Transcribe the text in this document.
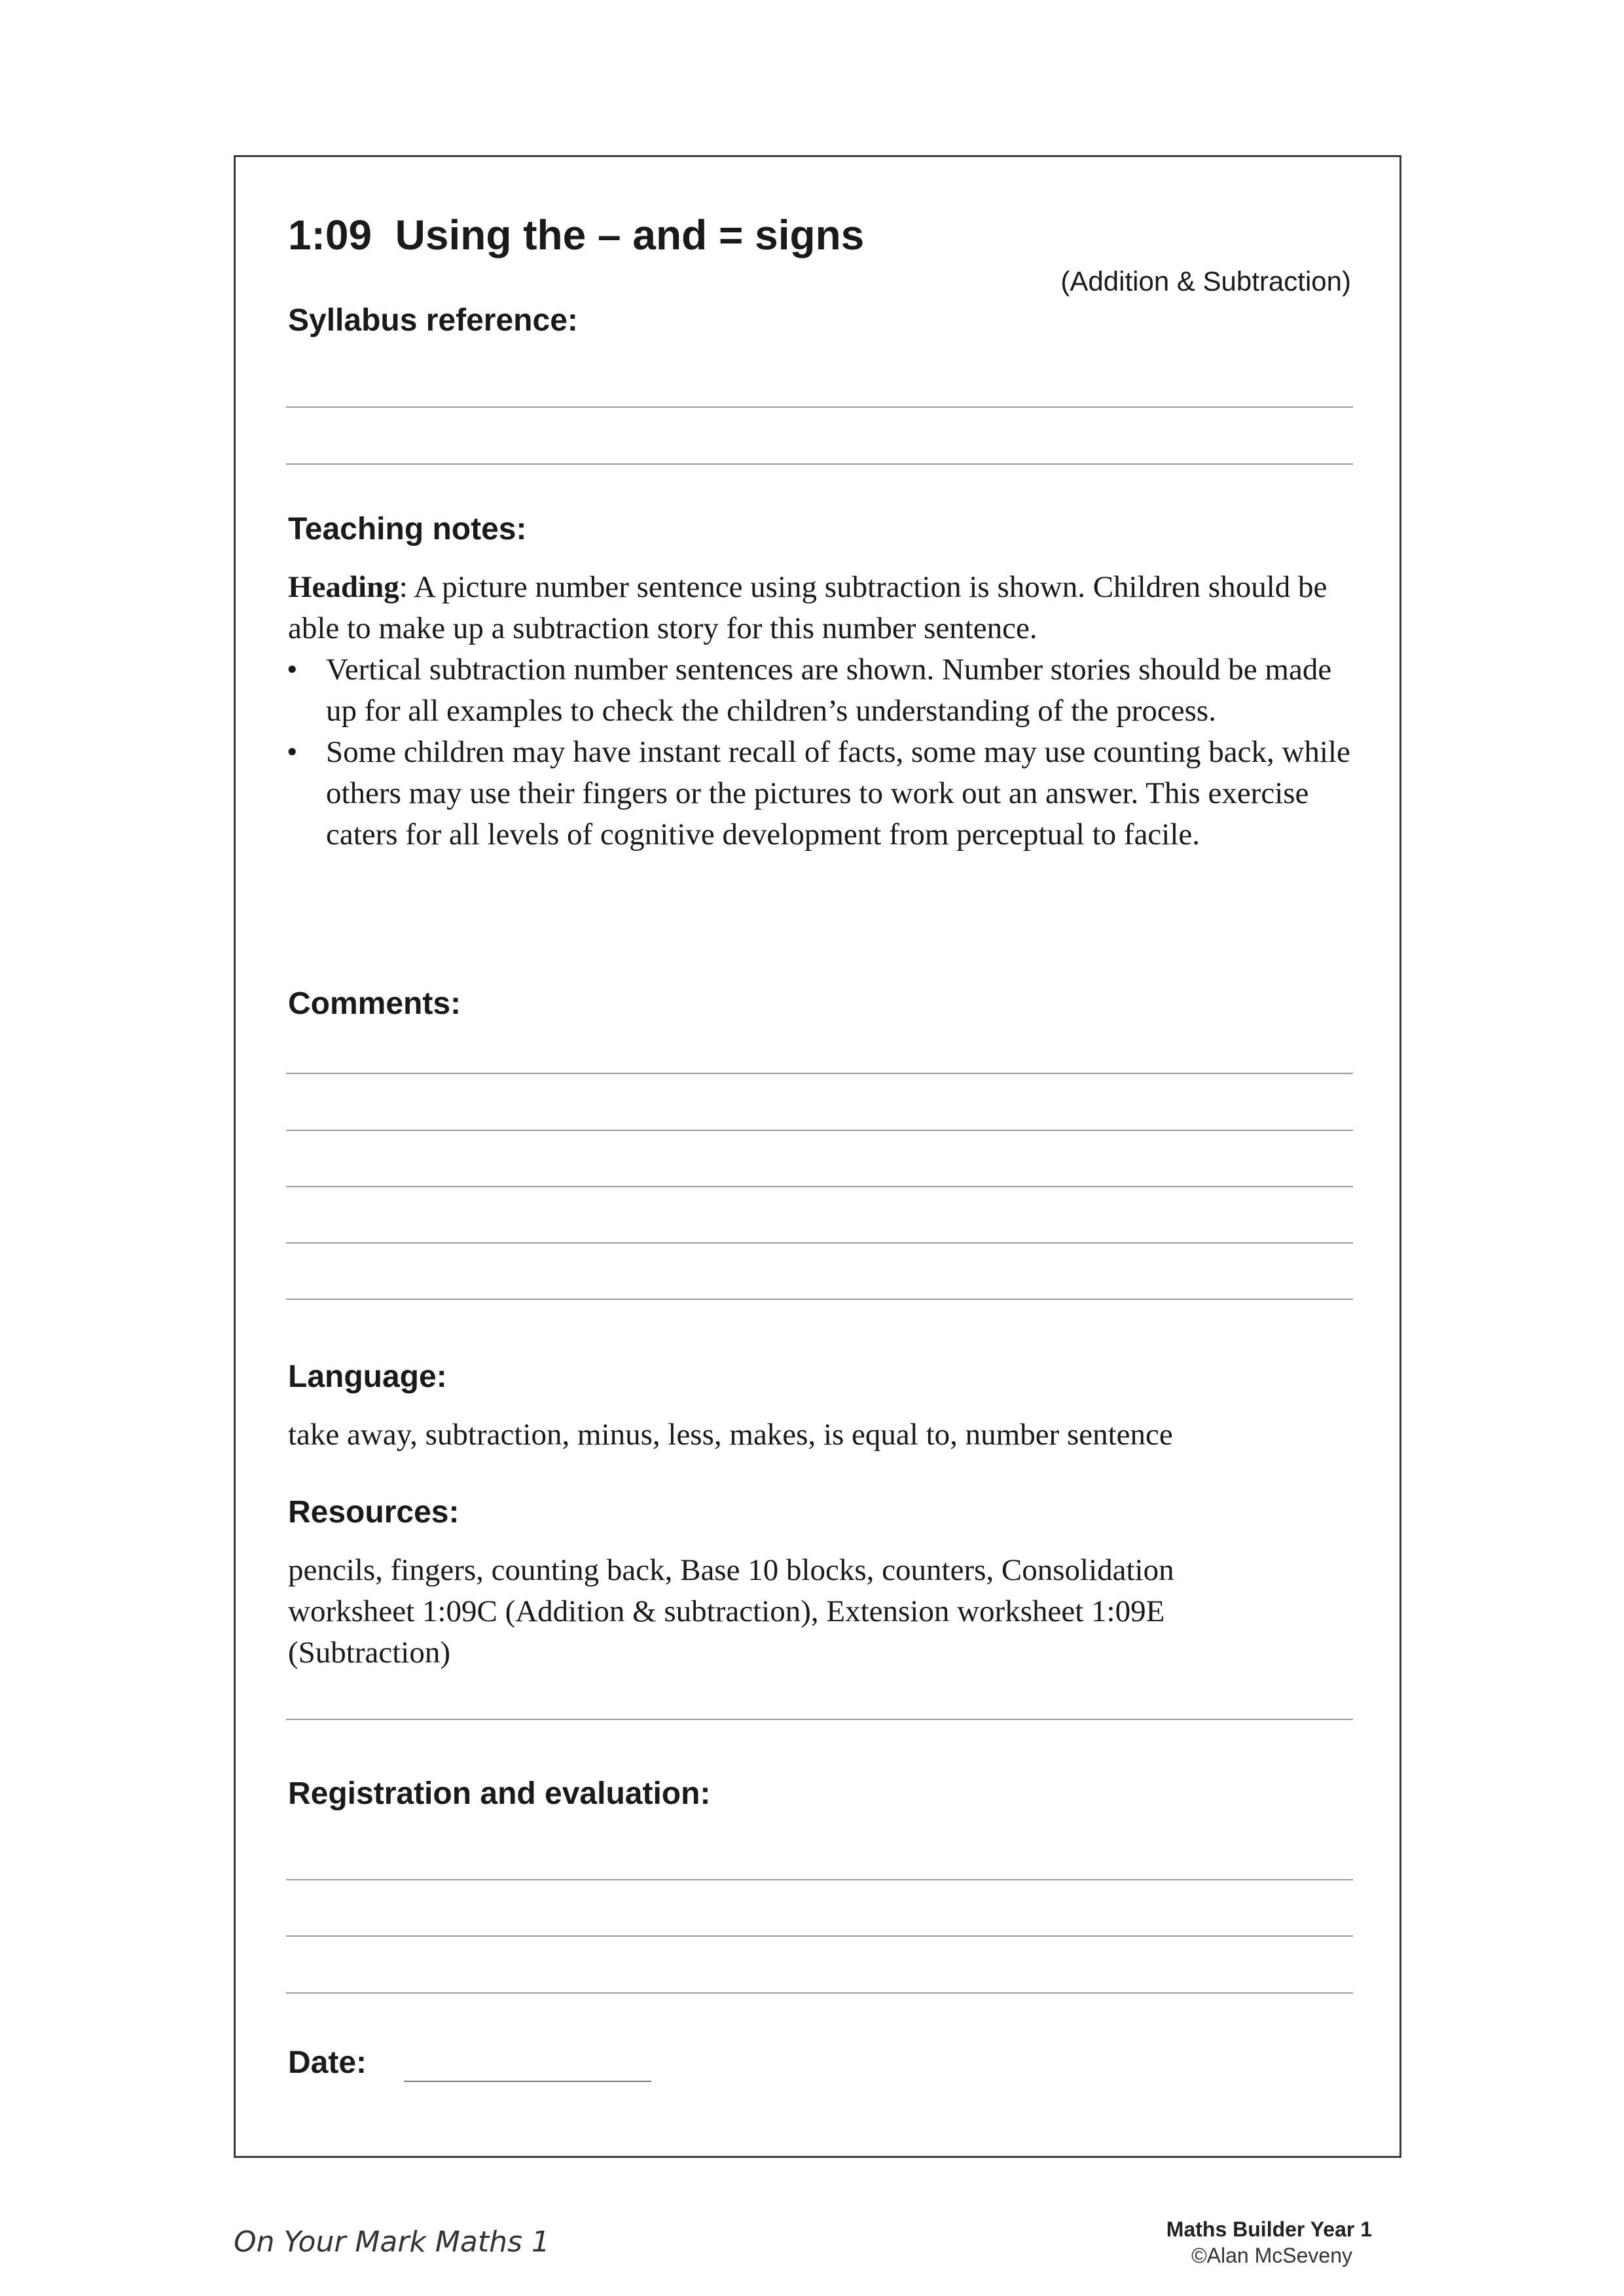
1:09  Using the – and = signs
(Addition & Subtraction)
Syllabus reference:
Teaching notes:

Heading: A picture number sentence using subtraction is shown. Children should be able to make up a subtraction story for this number sentence.

• Vertical subtraction number sentences are shown. Number stories should be made up for all examples to check the children’s understanding of the process.
• Some children may have instant recall of facts, some may use counting back, while others may use their fingers or the pictures to work out an answer. This exercise caters for all levels of cognitive development from perceptual to facile.
Comments:
Language:

take away, subtraction, minus, less, makes, is equal to, number sentence

Resources:

pencils, fingers, counting back, Base 10 blocks, counters, Consolidation worksheet 1:09C (Addition & subtraction), Extension worksheet 1:09E (Subtraction)

Registration and evaluation:
Date:
On Your Mark Maths 1	Maths Builder Year 1
©Alan McSeveny
